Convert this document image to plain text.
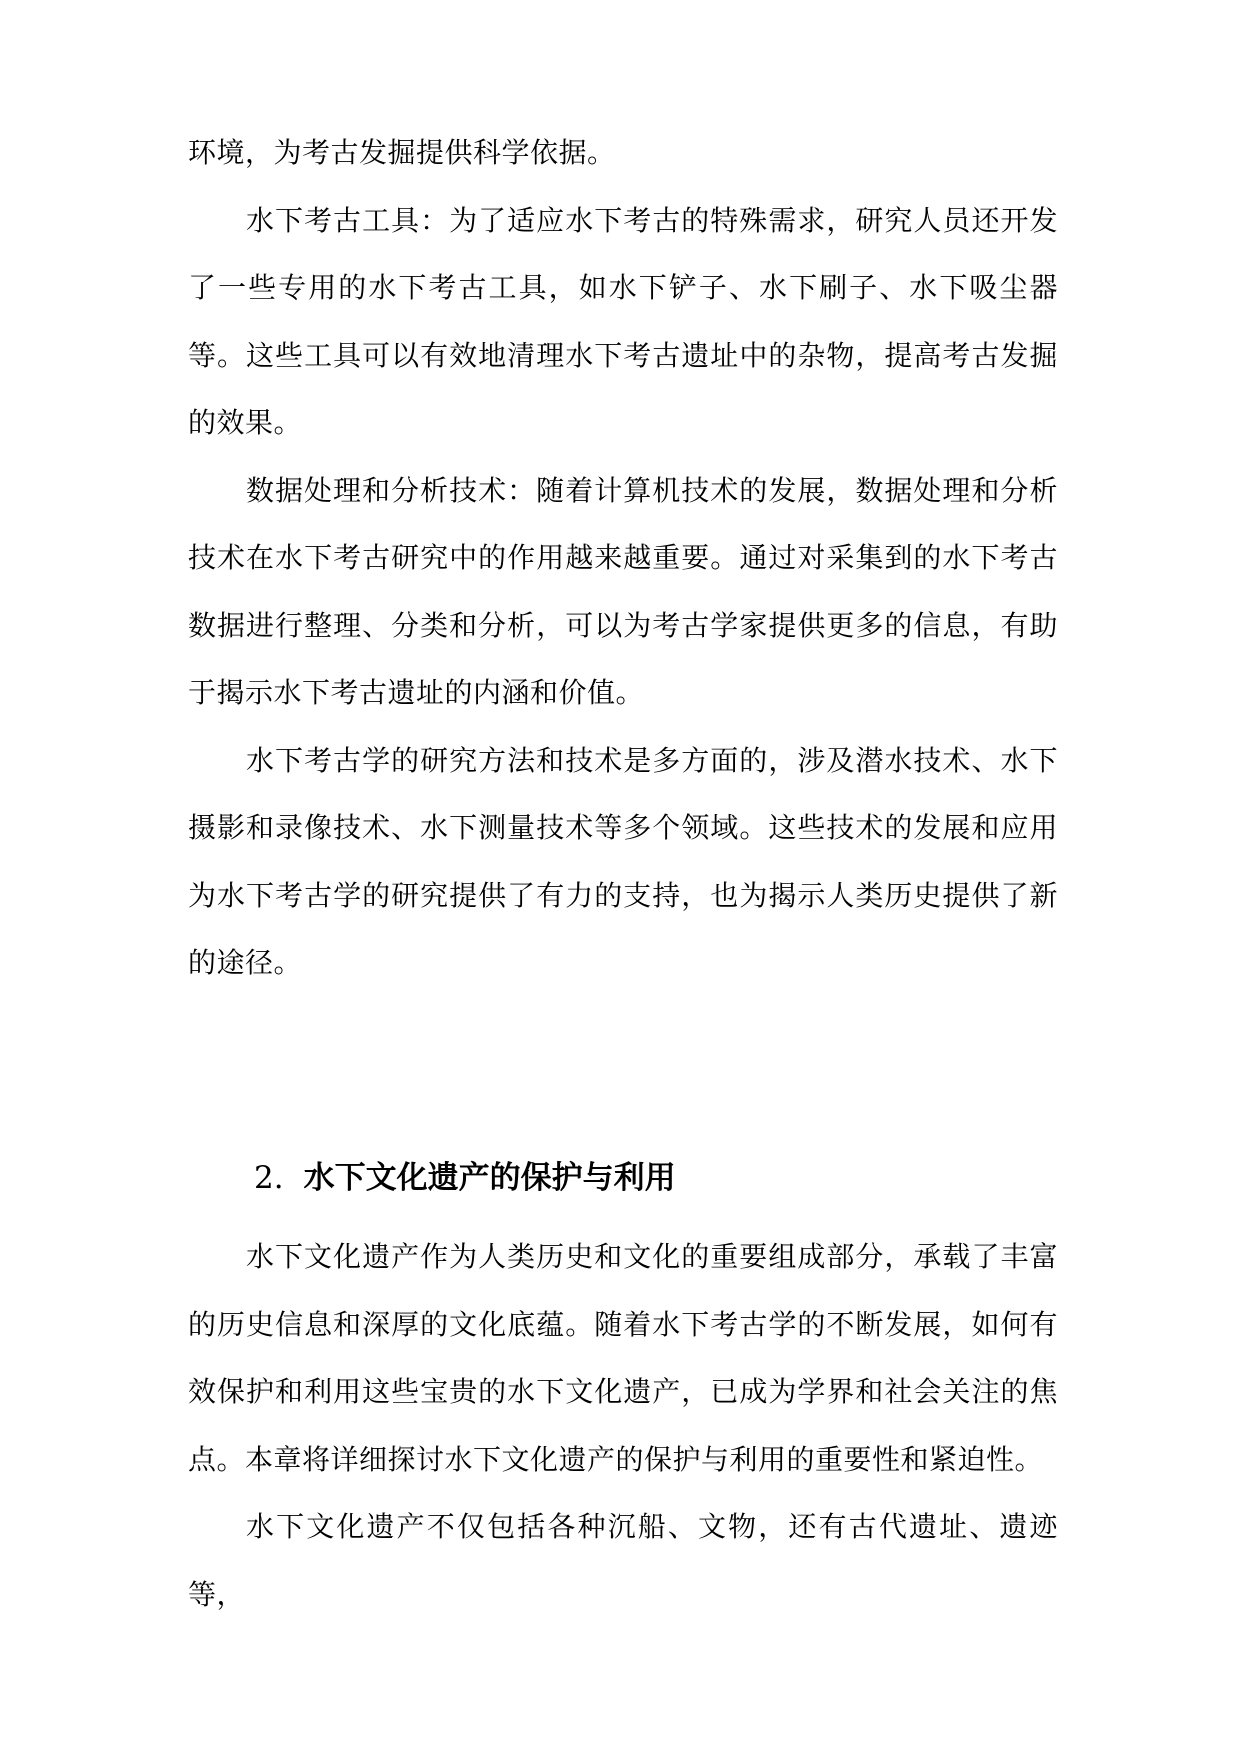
环境，为考古发掘提供科学依据。

水下考古工具：为了适应水下考古的特殊需求，研究人员还开发了一些专用的水下考古工具，如水下铲子、水下刷子、水下吸尘器等。这些工具可以有效地清理水下考古遗址中的杂物，提高考古发掘的效果。

数据处理和分析技术：随着计算机技术的发展，数据处理和分析技术在水下考古研究中的作用越来越重要。通过对采集到的水下考古数据进行整理、分类和分析，可以为考古学家提供更多的信息，有助于揭示水下考古遗址的内涵和价值。

水下考古学的研究方法和技术是多方面的，涉及潜水技术、水下摄影和录像技术、水下测量技术等多个领域。这些技术的发展和应用为水下考古学的研究提供了有力的支持，也为揭示人类历史提供了新的途径。

2. 水下文化遗产的保护与利用

水下文化遗产作为人类历史和文化的重要组成部分，承载了丰富的历史信息和深厚的文化底蕴。随着水下考古学的不断发展，如何有效保护和利用这些宝贵的水下文化遗产，已成为学界和社会关注的焦点。本章将详细探讨水下文化遗产的保护与利用的重要性和紧迫性。

水下文化遗产不仅包括各种沉船、文物，还有古代遗址、遗迹等，
